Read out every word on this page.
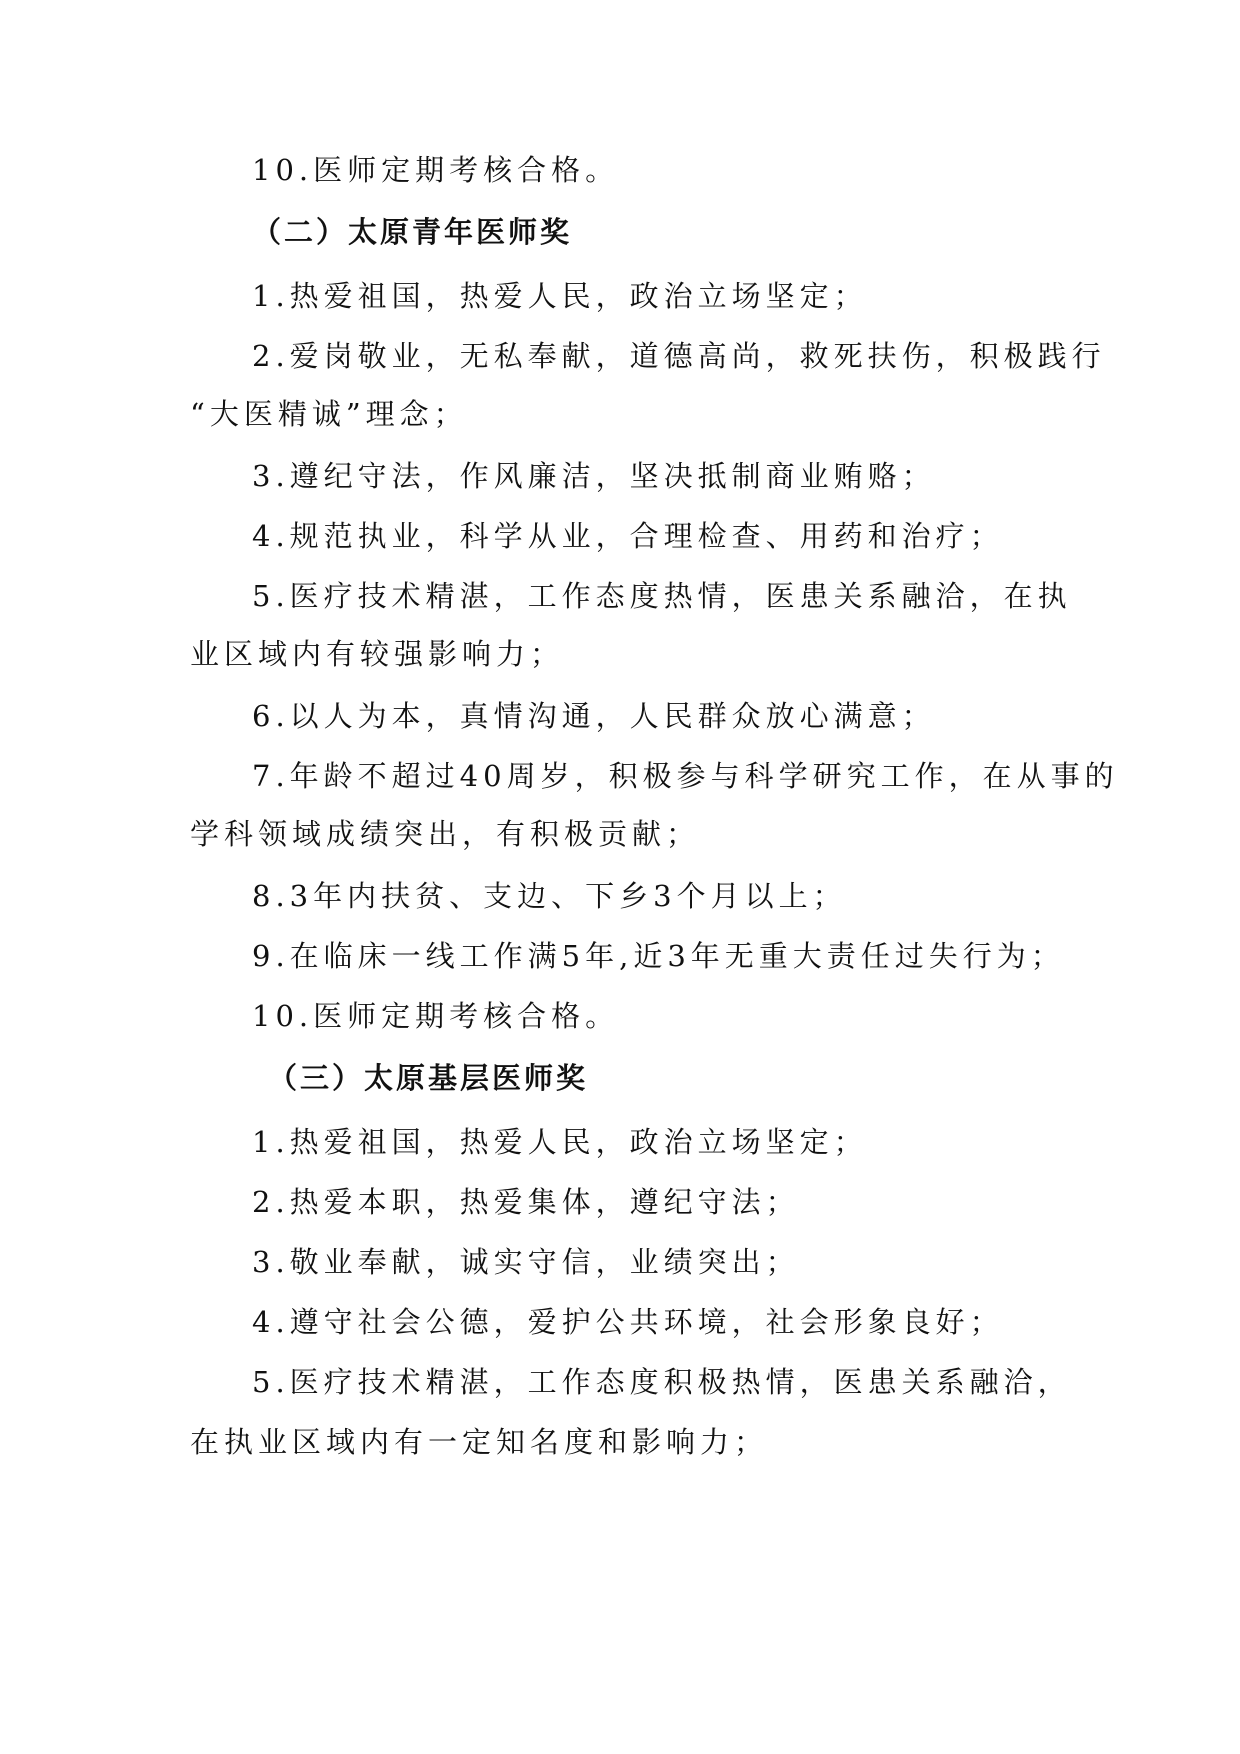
10.医师定期考核合格。
（二）太原青年医师奖
1.热爱祖国，热爱人民，政治立场坚定；
2.爱岗敬业，无私奉献，道德高尚，救死扶伤，积极践行
“大医精诚”理念；
3.遵纪守法，作风廉洁，坚决抵制商业贿赂；
4.规范执业，科学从业，合理检查、用药和治疗；
5.医疗技术精湛，工作态度热情，医患关系融洽，在执
业区域内有较强影响力；
6.以人为本，真情沟通，人民群众放心满意；
7.年龄不超过40周岁，积极参与科学研究工作，在从事的
学科领域成绩突出，有积极贡献；
8.3年内扶贫、支边、下乡3个月以上；
9.在临床一线工作满5年,近3年无重大责任过失行为；
10.医师定期考核合格。
（三）太原基层医师奖
1.热爱祖国，热爱人民，政治立场坚定；
2.热爱本职，热爱集体，遵纪守法；
3.敬业奉献，诚实守信，业绩突出；
4.遵守社会公德，爱护公共环境，社会形象良好；
5.医疗技术精湛，工作态度积极热情，医患关系融洽，
在执业区域内有一定知名度和影响力；
